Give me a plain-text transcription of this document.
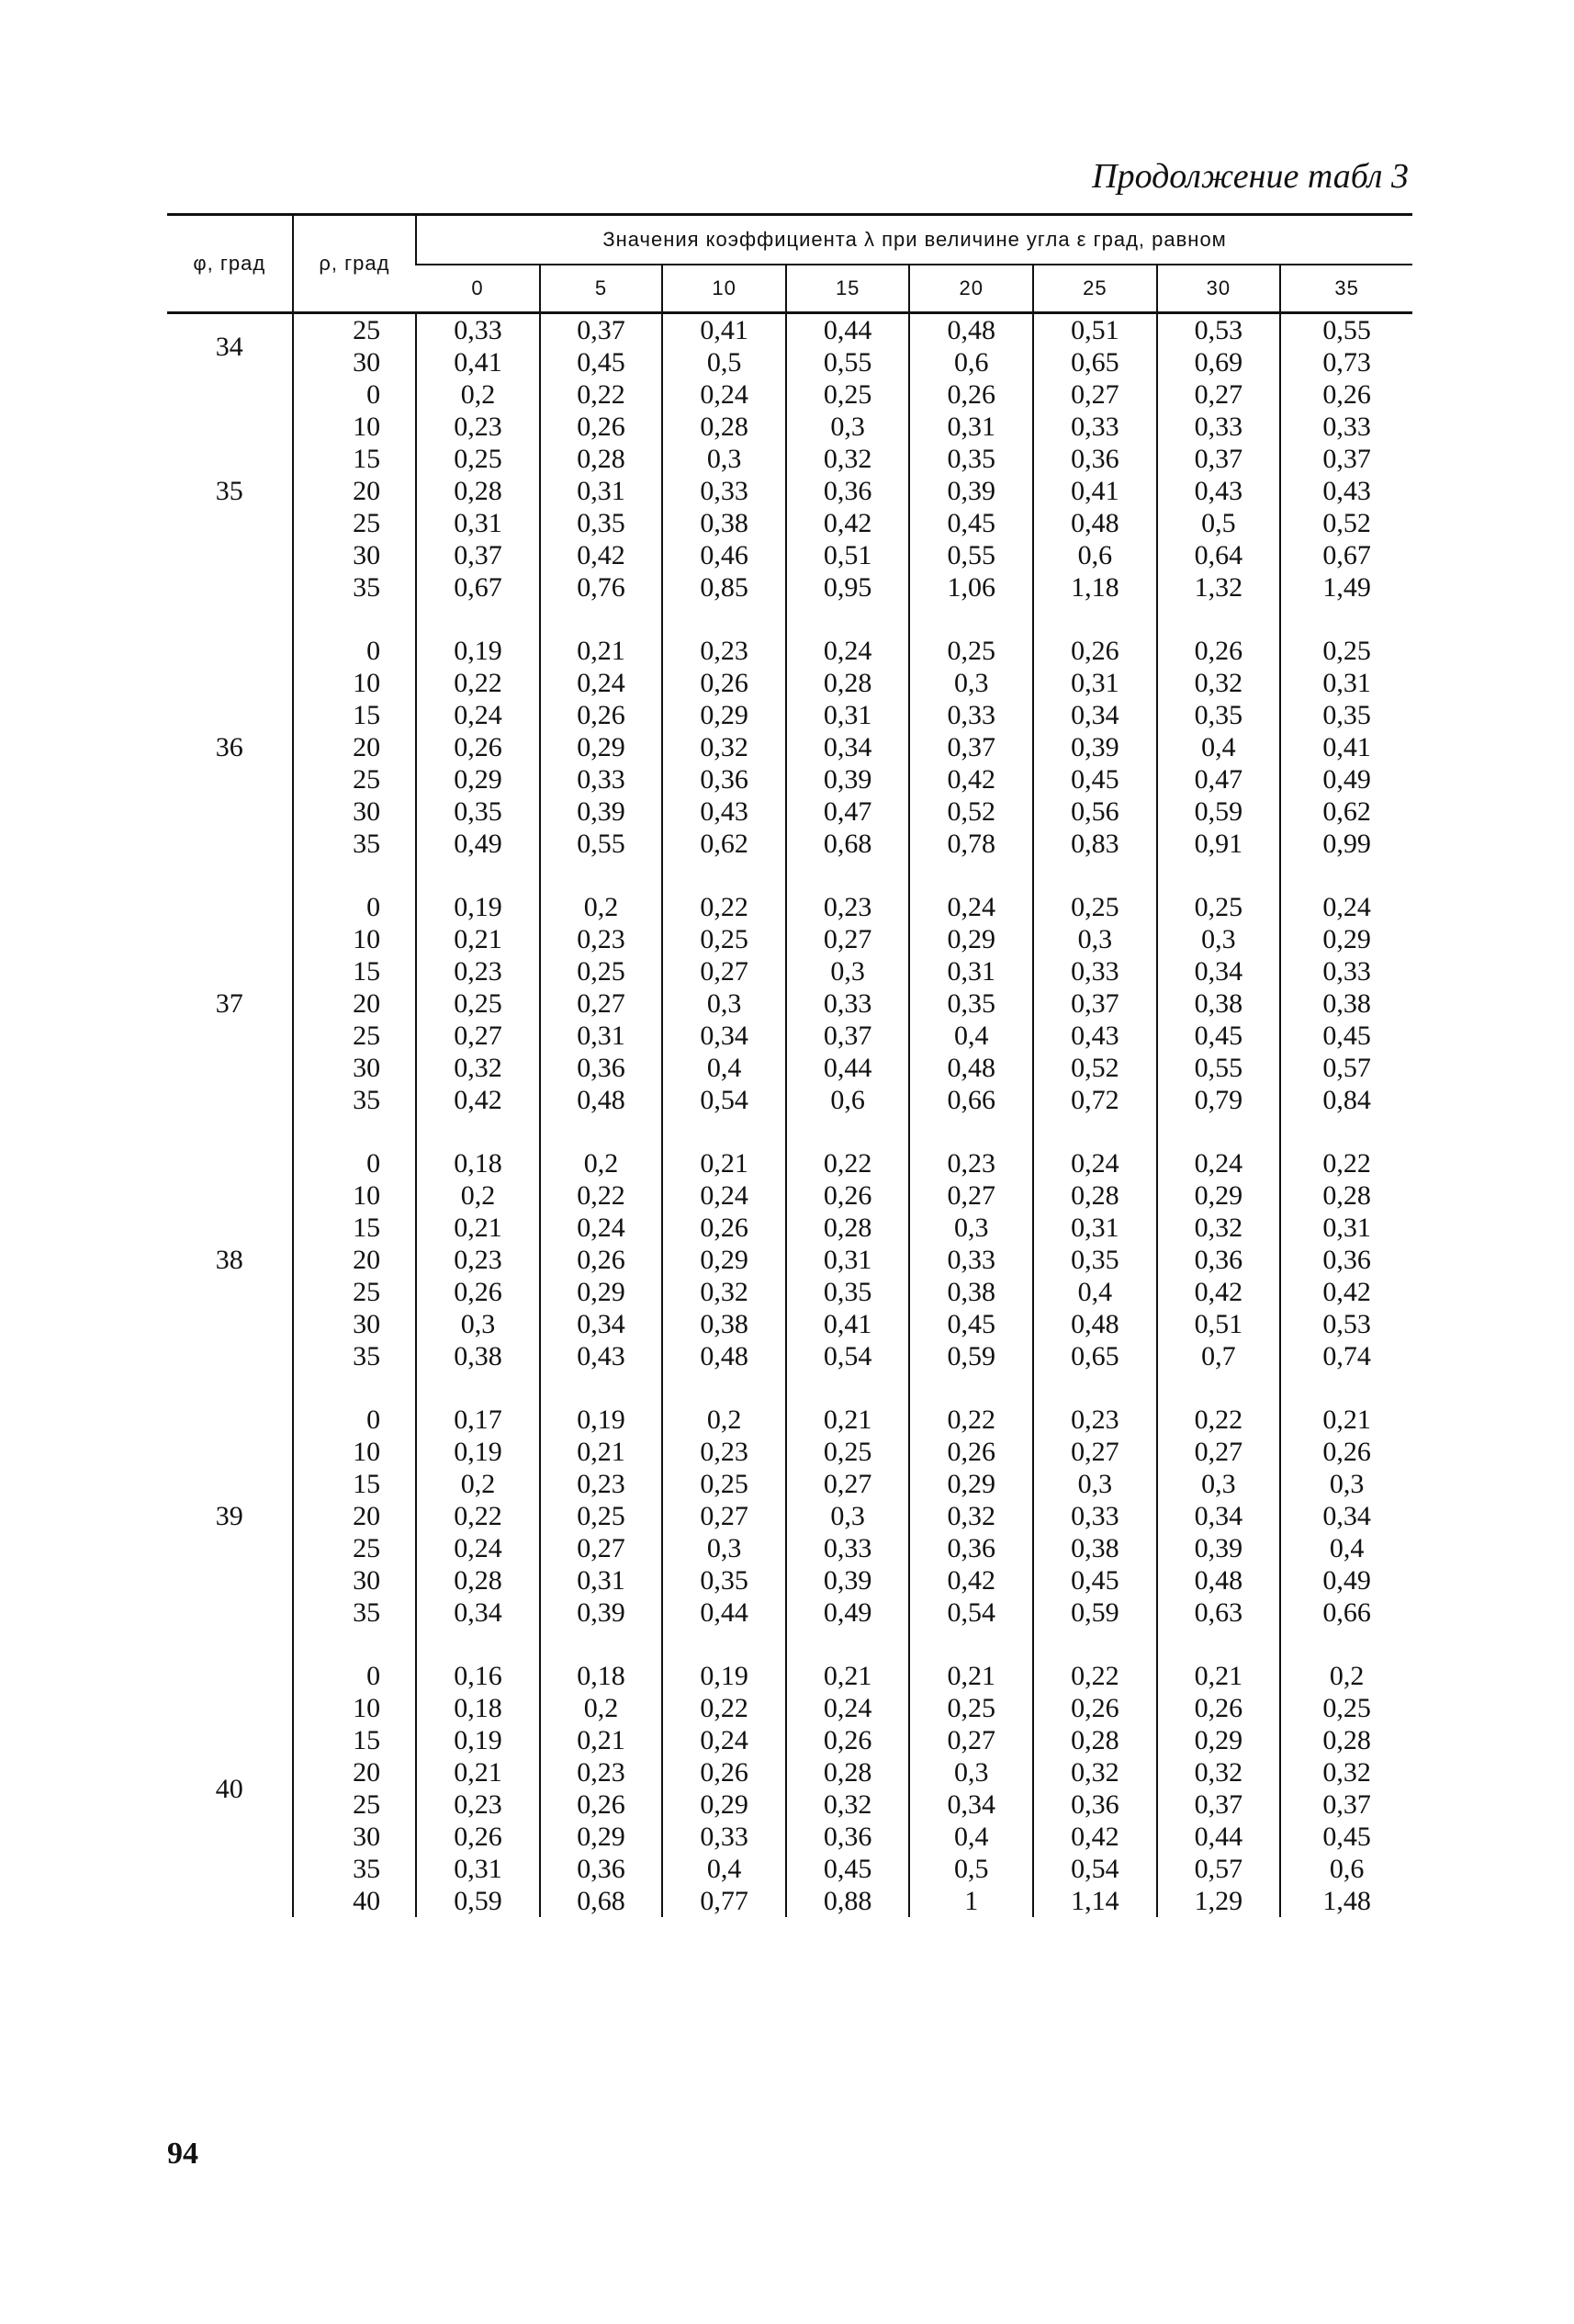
Продолжение табл 3
φ, град	ρ, град	Значения коэффициента λ при величине угла ε град, равном							
		0	5	10	15	20	25	30	35
34	25	0,33	0,37	0,41	0,44	0,48	0,51	0,53	0,55
	30	0,41	0,45	0,5	0,55	0,6	0,65	0,69	0,73
35	0	0,2	0,22	0,24	0,25	0,26	0,27	0,27	0,26
	10	0,23	0,26	0,28	0,3	0,31	0,33	0,33	0,33
	15	0,25	0,28	0,3	0,32	0,35	0,36	0,37	0,37
	20	0,28	0,31	0,33	0,36	0,39	0,41	0,43	0,43
	25	0,31	0,35	0,38	0,42	0,45	0,48	0,5	0,52
	30	0,37	0,42	0,46	0,51	0,55	0,6	0,64	0,67
	35	0,67	0,76	0,85	0,95	1,06	1,18	1,32	1,49

36	0	0,19	0,21	0,23	0,24	0,25	0,26	0,26	0,25
	10	0,22	0,24	0,26	0,28	0,3	0,31	0,32	0,31
	15	0,24	0,26	0,29	0,31	0,33	0,34	0,35	0,35
	20	0,26	0,29	0,32	0,34	0,37	0,39	0,4	0,41
	25	0,29	0,33	0,36	0,39	0,42	0,45	0,47	0,49
	30	0,35	0,39	0,43	0,47	0,52	0,56	0,59	0,62
	35	0,49	0,55	0,62	0,68	0,78	0,83	0,91	0,99

37	0	0,19	0,2	0,22	0,23	0,24	0,25	0,25	0,24
	10	0,21	0,23	0,25	0,27	0,29	0,3	0,3	0,29
	15	0,23	0,25	0,27	0,3	0,31	0,33	0,34	0,33
	20	0,25	0,27	0,3	0,33	0,35	0,37	0,38	0,38
	25	0,27	0,31	0,34	0,37	0,4	0,43	0,45	0,45
	30	0,32	0,36	0,4	0,44	0,48	0,52	0,55	0,57
	35	0,42	0,48	0,54	0,6	0,66	0,72	0,79	0,84

38	0	0,18	0,2	0,21	0,22	0,23	0,24	0,24	0,22
	10	0,2	0,22	0,24	0,26	0,27	0,28	0,29	0,28
	15	0,21	0,24	0,26	0,28	0,3	0,31	0,32	0,31
	20	0,23	0,26	0,29	0,31	0,33	0,35	0,36	0,36
	25	0,26	0,29	0,32	0,35	0,38	0,4	0,42	0,42
	30	0,3	0,34	0,38	0,41	0,45	0,48	0,51	0,53
	35	0,38	0,43	0,48	0,54	0,59	0,65	0,7	0,74

39	0	0,17	0,19	0,2	0,21	0,22	0,23	0,22	0,21
	10	0,19	0,21	0,23	0,25	0,26	0,27	0,27	0,26
	15	0,2	0,23	0,25	0,27	0,29	0,3	0,3	0,3
	20	0,22	0,25	0,27	0,3	0,32	0,33	0,34	0,34
	25	0,24	0,27	0,3	0,33	0,36	0,38	0,39	0,4
	30	0,28	0,31	0,35	0,39	0,42	0,45	0,48	0,49
	35	0,34	0,39	0,44	0,49	0,54	0,59	0,63	0,66

40	0	0,16	0,18	0,19	0,21	0,21	0,22	0,21	0,2
	10	0,18	0,2	0,22	0,24	0,25	0,26	0,26	0,25
	15	0,19	0,21	0,24	0,26	0,27	0,28	0,29	0,28
	20	0,21	0,23	0,26	0,28	0,3	0,32	0,32	0,32
	25	0,23	0,26	0,29	0,32	0,34	0,36	0,37	0,37
	30	0,26	0,29	0,33	0,36	0,4	0,42	0,44	0,45
	35	0,31	0,36	0,4	0,45	0,5	0,54	0,57	0,6
	40	0,59	0,68	0,77	0,88	1	1,14	1,29	1,48
94
